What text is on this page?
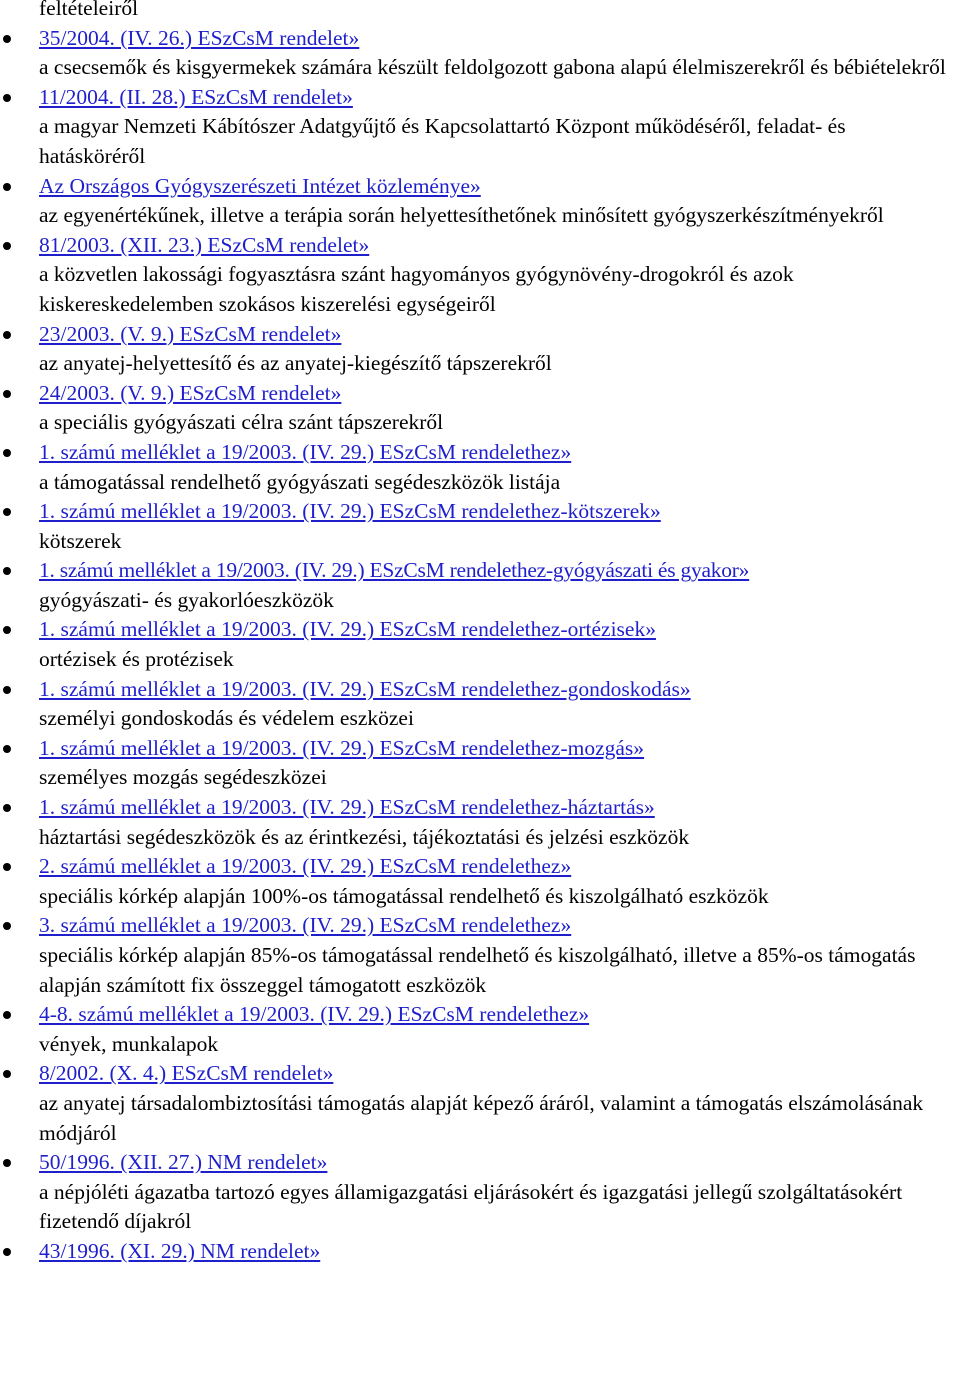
feltételeiről

35/2004. (IV. 26.) ESzCsM rendelet»
a csecsemők és kisgyermekek számára készült feldolgozott gabona alapú élelmiszerekről és bébiételekről
11/2004. (II. 28.) ESzCsM rendelet»
a magyar Nemzeti Kábítószer Adatgyűjtő és Kapcsolattartó Központ működéséről, feladat- és hatásköréről
Az Országos Gyógyszerészeti Intézet közleménye»
az egyenértékűnek, illetve a terápia során helyettesíthetőnek minősített gyógyszerkészítményekről
81/2003. (XII. 23.) ESzCsM rendelet»
a közvetlen lakossági fogyasztásra szánt hagyományos gyógynövény-drogokról és azok kiskereskedelemben szokásos kiszerelési egységeiről
23/2003. (V. 9.) ESzCsM rendelet»
az anyatej-helyettesítő és az anyatej-kiegészítő tápszerekről
24/2003. (V. 9.) ESzCsM rendelet»
a speciális gyógyászati célra szánt tápszerekről
1. számú melléklet a 19/2003. (IV. 29.) ESzCsM rendelethez»
a támogatással rendelhető gyógyászati segédeszközök listája
1. számú melléklet a 19/2003. (IV. 29.) ESzCsM rendelethez-kötszerek»
kötszerek
1. számú melléklet a 19/2003. (IV. 29.) ESzCsM rendelethez-gyógyászati és gyakor»
gyógyászati- és gyakorlóeszközök
1. számú melléklet a 19/2003. (IV. 29.) ESzCsM rendelethez-ortézisek»
ortézisek és protézisek
1. számú melléklet a 19/2003. (IV. 29.) ESzCsM rendelethez-gondoskodás»
személyi gondoskodás és védelem eszközei
1. számú melléklet a 19/2003. (IV. 29.) ESzCsM rendelethez-mozgás»
személyes mozgás segédeszközei
1. számú melléklet a 19/2003. (IV. 29.) ESzCsM rendelethez-háztartás»
háztartási segédeszközök és az érintkezési, tájékoztatási és jelzési eszközök
2. számú melléklet a 19/2003. (IV. 29.) ESzCsM rendelethez»
speciális kórkép alapján 100%-os támogatással rendelhető és kiszolgálható eszközök
3. számú melléklet a 19/2003. (IV. 29.) ESzCsM rendelethez»
speciális kórkép alapján 85%-os támogatással rendelhető és kiszolgálható, illetve a 85%-os támogatás alapján számított fix összeggel támogatott eszközök
4-8. számú melléklet a 19/2003. (IV. 29.) ESzCsM rendelethez»
vények, munkalapok
8/2002. (X. 4.) ESzCsM rendelet»
az anyatej társadalombiztosítási támogatás alapját képező áráról, valamint a támogatás elszámolásának módjáról
50/1996. (XII. 27.) NM rendelet»
a népjóléti ágazatba tartozó egyes államigazgatási eljárásokért és igazgatási jellegű szolgáltatásokért fizetendő díjakról
43/1996. (XI. 29.) NM rendelet»
